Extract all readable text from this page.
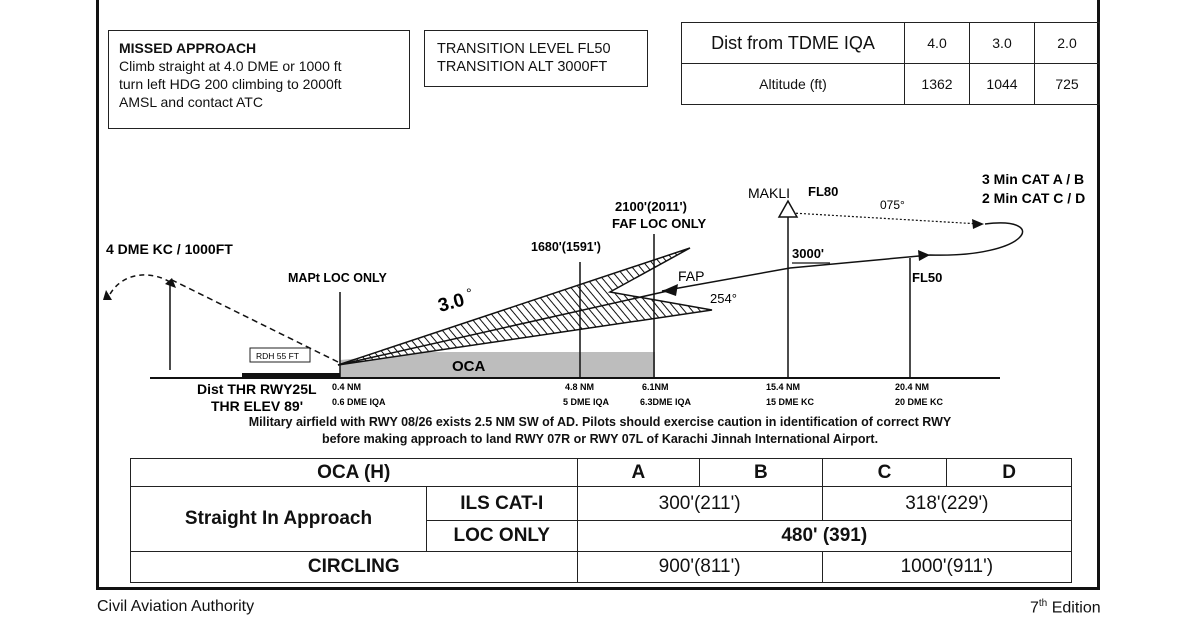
MISSED APPROACH
Climb straight at 4.0 DME or 1000 ft
turn left HDG 200 climbing to 2000ft
AMSL and contact ATC
TRANSITION LEVEL FL50
TRANSITION ALT 3000FT
Dist from TDME IQA	4.0	3.0	2.0
Altitude (ft)	1362	1044	725
OCA
RDH 55 FT
3.0 °
4 DME KC / 1000FT
MAPt LOC ONLY
1680'(1591')
2100'(2011')
FAF LOC ONLY
FAP
254°
MAKLI FL80
075°
3000'
FL50
3 Min CAT A / B
2 Min CAT C / D
Dist THR RWY25L
THR ELEV 89'
0.4 NM
0.6 DME IQA
4.8 NM
5 DME IQA
6.1NM
6.3DME IQA
15.4 NM
15 DME KC
20.4 NM
20 DME KC
Military airfield with RWY 08/26 exists 2.5 NM SW of AD. Pilots should exercise caution in identification of correct RWY
before making approach to land RWY 07R or RWY 07L of Karachi Jinnah International Airport.
OCA (H)		A	B	C	D
Straight In Approach	ILS CAT-I	300'(211')		318'(229')	
	LOC ONLY	480' (391)			
CIRCLING		900'(811')		1000'(911')	
Civil Aviation Authority	7th Edition
